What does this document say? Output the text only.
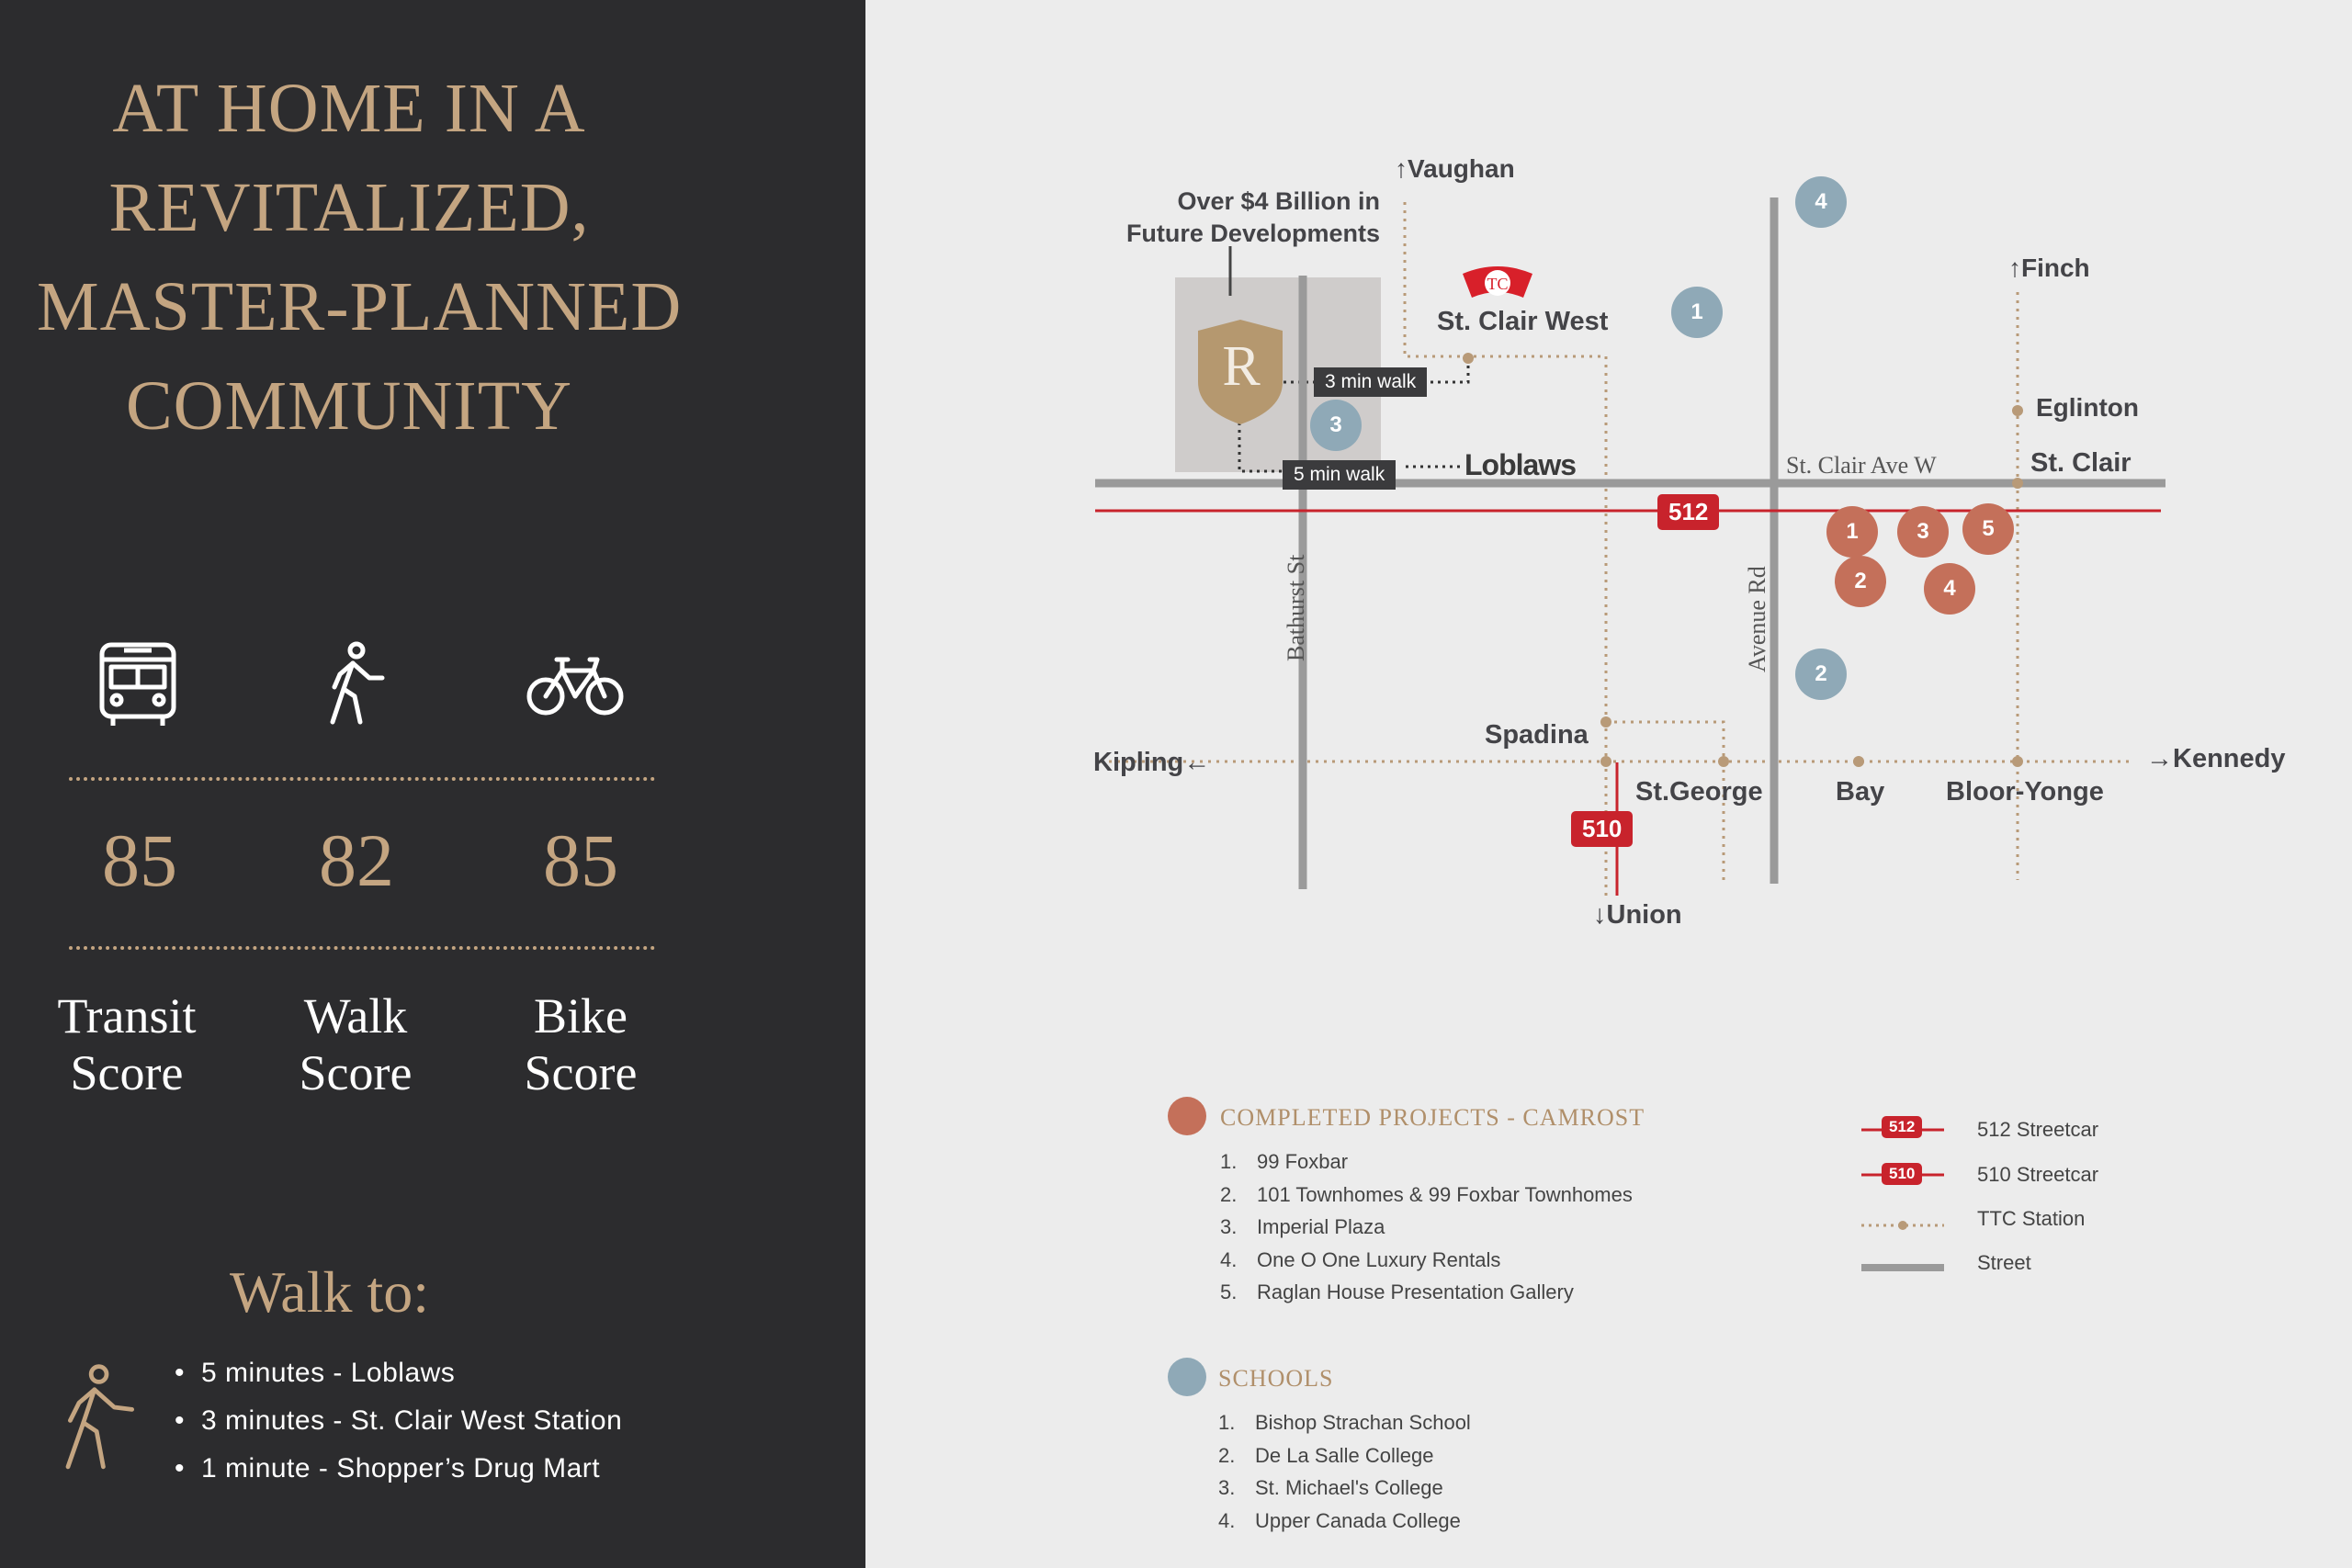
AT HOME IN A
REVITALIZED,
MASTER-PLANNED
COMMUNITY
85	82	85
Transit
Score
Walk
Score
Bike
Score
Walk to:
• 5 minutes - Loblaws
• 3 minutes - St. Clair West Station
• 1 minute - Shopper’s Drug Mart
R
Over $4 Billion in
Future Developments
3 min walk
5 min walk	Loblaws
TC
St. Clair West
↑Vaughan
↑Finch
Eglinton
St. Clair
St. Clair Ave W
Bathurst St	Avenue Rd
512
510
Spadina
St.George	Bay Bloor-Yonge
Kipling←	→Kennedy
↓Union
4
1
3
2
1	3	5
2	4
COMPLETED PROJECTS - CAMROST
1. 99 Foxbar
2. 101 Townhomes & 99 Foxbar Townhomes
3. Imperial Plaza
4. One O One Luxury Rentals
5. Raglan House Presentation Gallery
SCHOOLS
1. Bishop Strachan School
2. De La Salle College
3. St. Michael's College
4. Upper Canada College
512
510
512 Streetcar
510 Streetcar
TTC Station
Street
